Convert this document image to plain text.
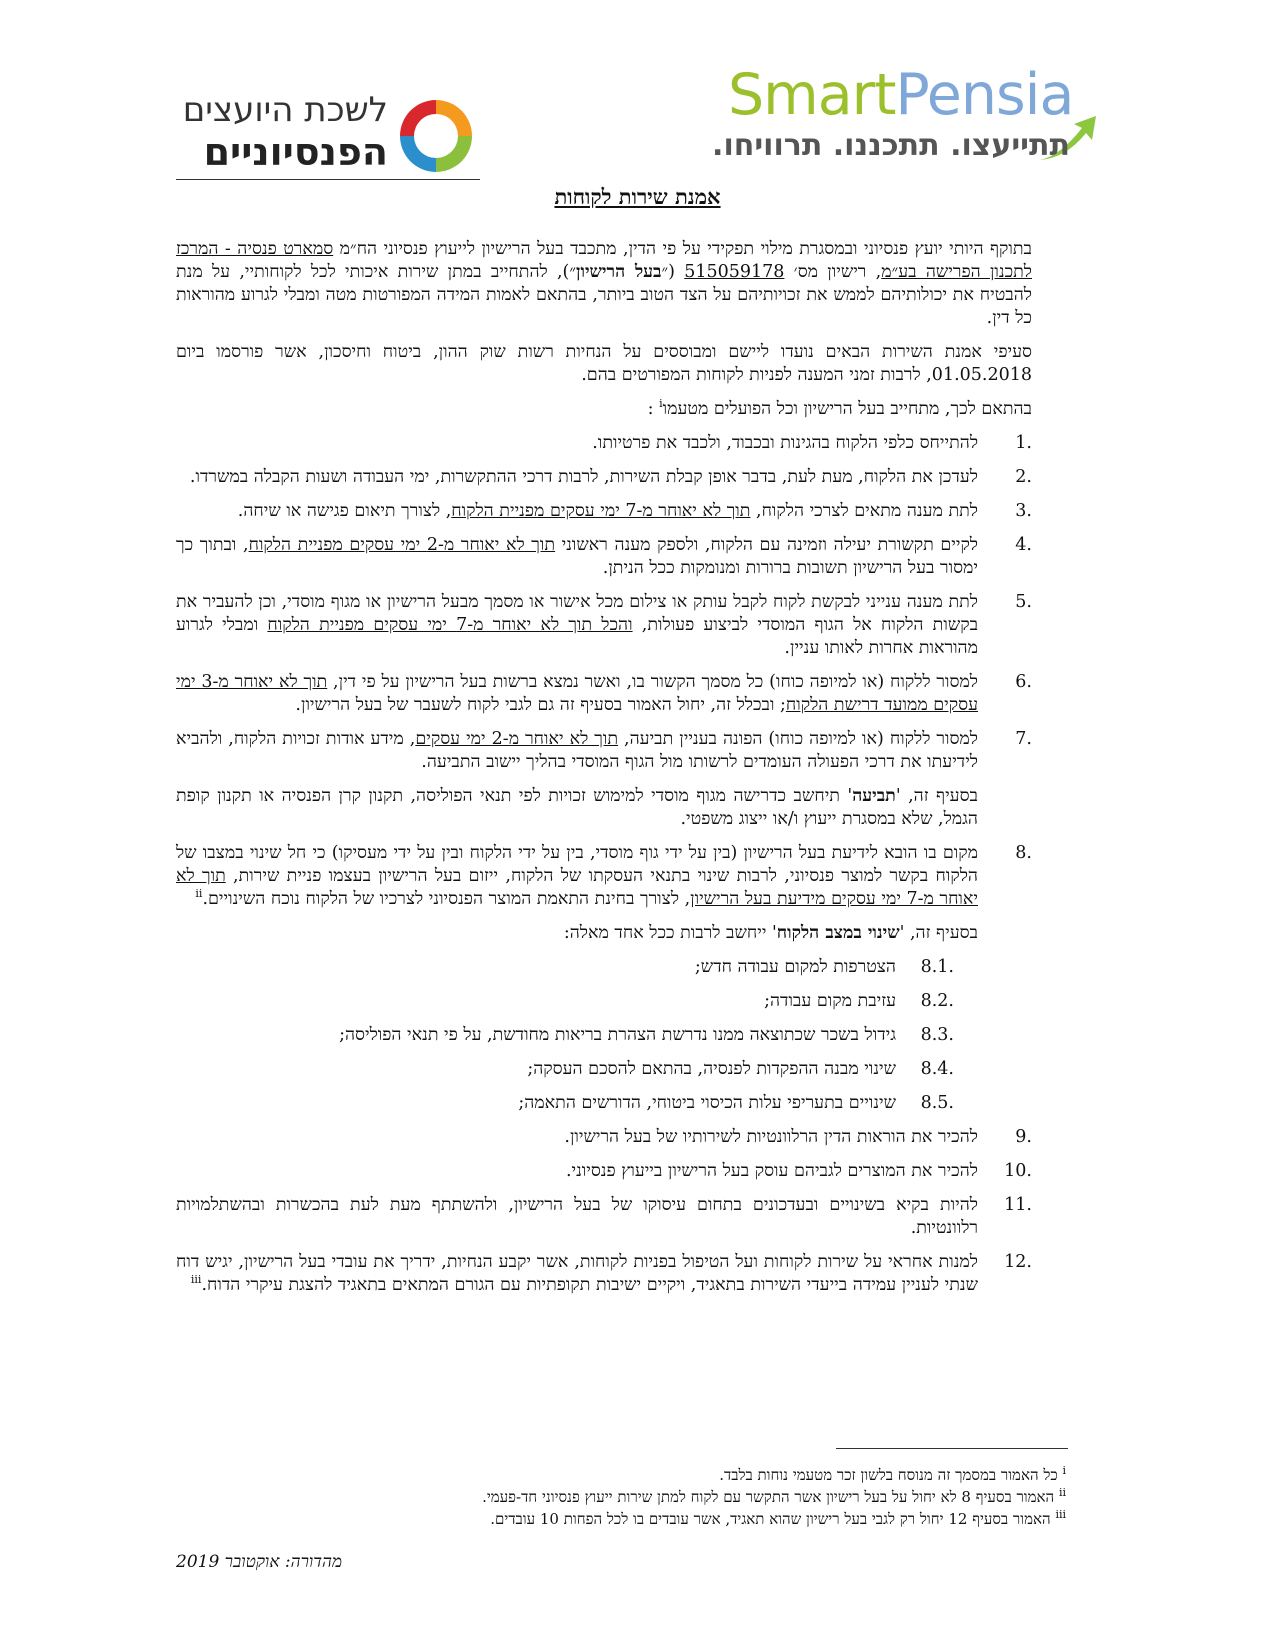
SmartPensia
תתייעצו. תתכננו. תרוויחו.
לשכת היועצים
הפנסיוניים
אמנת שירות לקוחות

בתוקף היותי יועץ פנסיוני ובמסגרת מילוי תפקידי על פי הדין, מתכבד בעל הרישיון לייעוץ פנסיוני הח״מ סמארט פנסיה - המרכז לתכנון הפרישה בע״מ, רישיון מס׳ 515059178 (״בעל הרישיון״), להתחייב במתן שירות איכותי לכל לקוחותיי, על מנת להבטיח את יכולותיהם לממש את זכויותיהם על הצד הטוב ביותר, בהתאם לאמות המידה המפורטות מטה ומבלי לגרוע מהוראות כל דין.

סעיפי אמנת השירות הבאים נועדו ליישם ומבוססים על הנחיות רשות שוק ההון, ביטוח וחיסכון, אשר פורסמו ביום 01.05.2018, לרבות זמני המענה לפניות לקוחות המפורטים בהם.

בהתאם לכך, מתחייב בעל הרישיון וכל הפועלים מטעמו$^i$ :

1.
להתייחס כלפי הלקוח בהגינות ובכבוד, ולכבד את פרטיותו.
2.
לעדכן את הלקוח, מעת לעת, בדבר אופן קבלת השירות, לרבות דרכי ההתקשרות, ימי העבודה ושעות הקבלה במשרדו.
3.
לתת מענה מתאים לצרכי הלקוח, תוך לא יאוחר מ-7 ימי עסקים מפניית הלקוח, לצורך תיאום פגישה או שיחה.
4.
לקיים תקשורת יעילה וזמינה עם הלקוח, ולספק מענה ראשוני תוך לא יאוחר מ-2 ימי עסקים מפניית הלקוח, ובתוך כך ימסור בעל הרישיון תשובות ברורות ומנומקות ככל הניתן.
5.
לתת מענה ענייני לבקשת לקוח לקבל עותק או צילום מכל אישור או מסמך מבעל הרישיון או מגוף מוסדי, וכן להעביר את בקשות הלקוח אל הגוף המוסדי לביצוע פעולות, והכל תוך לא יאוחר מ-7 ימי עסקים מפניית הלקוח ומבלי לגרוע מהוראות אחרות לאותו עניין.
6.
למסור ללקוח (או למיופה כוחו) כל מסמך הקשור בו, ואשר נמצא ברשות בעל הרישיון על פי דין, תוך לא יאוחר מ-3 ימי עסקים ממועד דרישת הלקוח; ובכלל זה, יחול האמור בסעיף זה גם לגבי לקוח לשעבר של בעל הרישיון.
7.
למסור ללקוח (או למיופה כוחו) הפונה בעניין תביעה, תוך לא יאוחר מ-2 ימי עסקים, מידע אודות זכויות הלקוח, ולהביא לידיעתו את דרכי הפעולה העומדים לרשותו מול הגוף המוסדי בהליך יישוב התביעה.
בסעיף זה, 'תביעה' תיחשב כדרישה מגוף מוסדי למימוש זכויות לפי תנאי הפוליסה, תקנון קרן הפנסיה או תקנון קופת הגמל, שלא במסגרת ייעוץ ו/או ייצוג משפטי.
8.
מקום בו הובא לידיעת בעל הרישיון (בין על ידי גוף מוסדי, בין על ידי הלקוח ובין על ידי מעסיקו) כי חל שינוי במצבו של הלקוח בקשר למוצר פנסיוני, לרבות שינוי בתנאי העסקתו של הלקוח, ייזום בעל הרישיון בעצמו פניית שירות, תוך לא יאוחר מ-7 ימי עסקים מידיעת בעל הרישיון, לצורך בחינת התאמת המוצר הפנסיוני לצרכיו של הלקוח נוכח השינויים.$^{ii}$
בסעיף זה, 'שינוי במצב הלקוח' ייחשב לרבות ככל אחד מאלה:
8.1.
הצטרפות למקום עבודה חדש;
8.2.
עזיבת מקום עבודה;
8.3.
גידול בשכר שכתוצאה ממנו נדרשת הצהרת בריאות מחודשת, על פי תנאי הפוליסה;
8.4.
שינוי מבנה ההפקדות לפנסיה, בהתאם להסכם העסקה;
8.5.
שינויים בתעריפי עלות הכיסוי ביטוחי, הדורשים התאמה;
9.
להכיר את הוראות הדין הרלוונטיות לשירותיו של בעל הרישיון.
10.
להכיר את המוצרים לגביהם עוסק בעל הרישיון בייעוץ פנסיוני.
11.
להיות בקיא בשינויים ובעדכונים בתחום עיסוקו של בעל הרישיון, ולהשתתף מעת לעת בהכשרות ובהשתלמויות רלוונטיות.
12.
למנות אחראי על שירות לקוחות ועל הטיפול בפניות לקוחות, אשר יקבע הנחיות, ידריך את עובדי בעל הרישיון, יגיש דוח שנתי לעניין עמידה בייעדי השירות בתאגיד, ויקיים ישיבות תקופתיות עם הגורם המתאים בתאגיד להצגת עיקרי הדוח.$^{iii}$
$^i$ כל האמור במסמך זה מנוסח בלשון זכר מטעמי נוחות בלבד.
$^{ii}$ האמור בסעיף 8 לא יחול על בעל רישיון אשר התקשר עם לקוח למתן שירות ייעוץ פנסיוני חד-פעמי.
$^{iii}$ האמור בסעיף 12 יחול רק לגבי בעל רישיון שהוא תאגיד, אשר עובדים בו לכל הפחות 10 עובדים.
מהדורה: אוקטובר 2019
